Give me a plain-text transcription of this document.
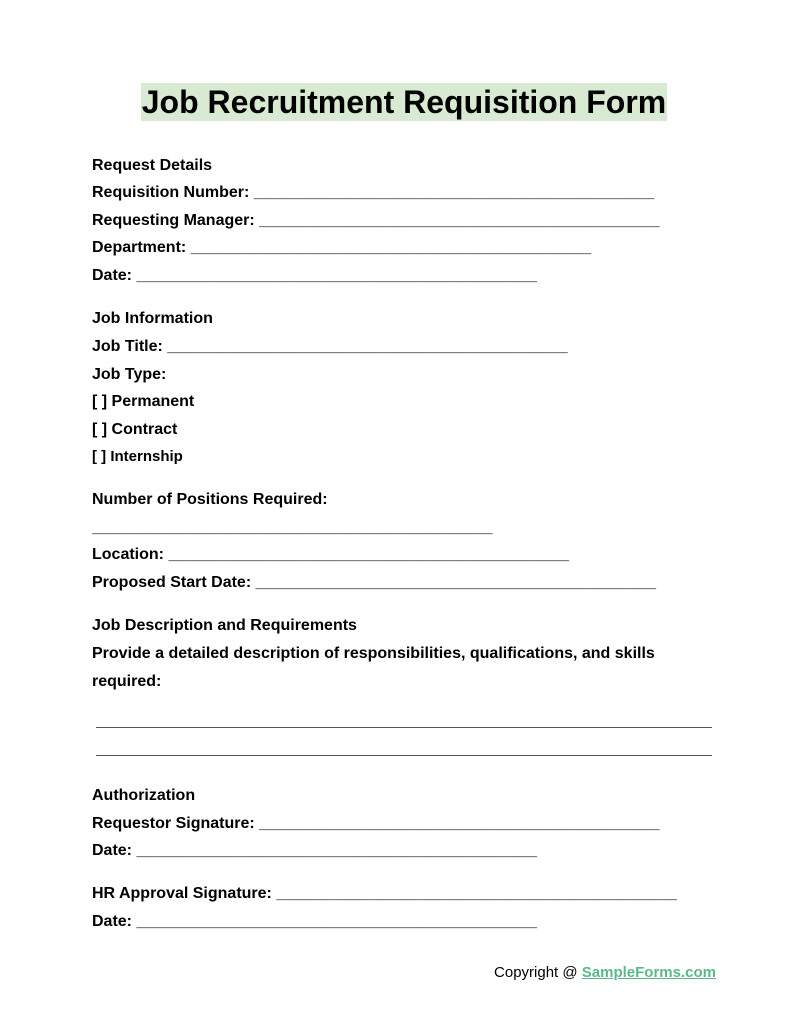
Job Recruitment Requisition Form
Request Details
Requisition Number: _____________________________________________
Requesting Manager: _____________________________________________
Department: _____________________________________________
Date: _____________________________________________
Job Information
Job Title: _____________________________________________
Job Type:
[ ] Permanent
[ ] Contract
[ ] Internship
Number of Positions Required:
_____________________________________________
Location: _____________________________________________
Proposed Start Date: _____________________________________________
Job Description and Requirements
Provide a detailed description of responsibilities, qualifications, and skills
required:
Authorization
Requestor Signature: _____________________________________________
Date: _____________________________________________
HR Approval Signature: _____________________________________________
Date: _____________________________________________
Copyright @ SampleForms.com
